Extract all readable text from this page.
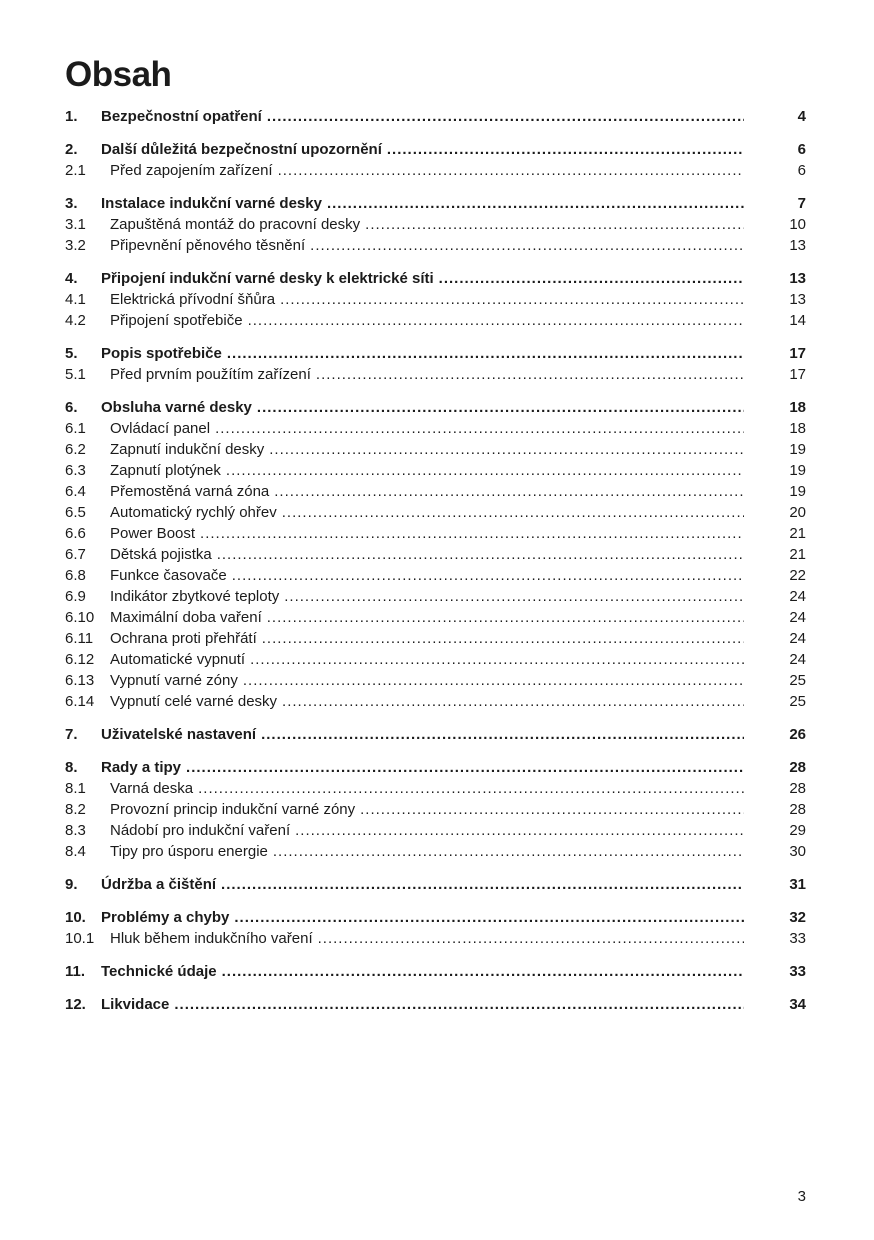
Obsah
1.	Bezpečnostní opatření .....	4
2.	Další důležitá bezpečnostní upozornění .....	6
2.1	Před zapojením zařízení .....	6
3.	Instalace indukční varné desky .....	7
3.1	Zapuštěná montáž do pracovní desky .....	10
3.2	Připevnění pěnového těsnění .....	13
4.	Připojení indukční varné desky k elektrické síti .....	13
4.1	Elektrická přívodní šňůra .....	13
4.2	Připojení spotřebiče .....	14
5.	Popis spotřebiče .....	17
5.1	Před prvním použítím zařízení .....	17
6.	Obsluha varné desky .....	18
6.1	Ovládací panel .....	18
6.2	Zapnutí indukční desky .....	19
6.3	Zapnutí plotýnek .....	19
6.4	Přemostěná varná zóna .....	19
6.5	Automatický rychlý ohřev .....	20
6.6	Power Boost .....	21
6.7	Dětská pojistka .....	21
6.8	Funkce časovače .....	22
6.9	Indikátor zbytkové teploty .....	24
6.10	Maximální doba vaření .....	24
6.11	Ochrana proti přehřátí .....	24
6.12	Automatické vypnutí .....	24
6.13	Vypnutí varné zóny .....	25
6.14	Vypnutí celé varné desky .....	25
7.	Uživatelské nastavení .....	26
8.	Rady a tipy .....	28
8.1	Varná deska .....	28
8.2	Provozní princip indukční varné zóny .....	28
8.3	Nádobí pro indukční vaření .....	29
8.4	Tipy pro úsporu energie .....	30
9.	Údržba a čištění .....	31
10.	Problémy a chyby .....	32
10.1	Hluk během indukčního vaření .....	33
11.	Technické údaje .....	33
12.	Likvidace .....	34
3
